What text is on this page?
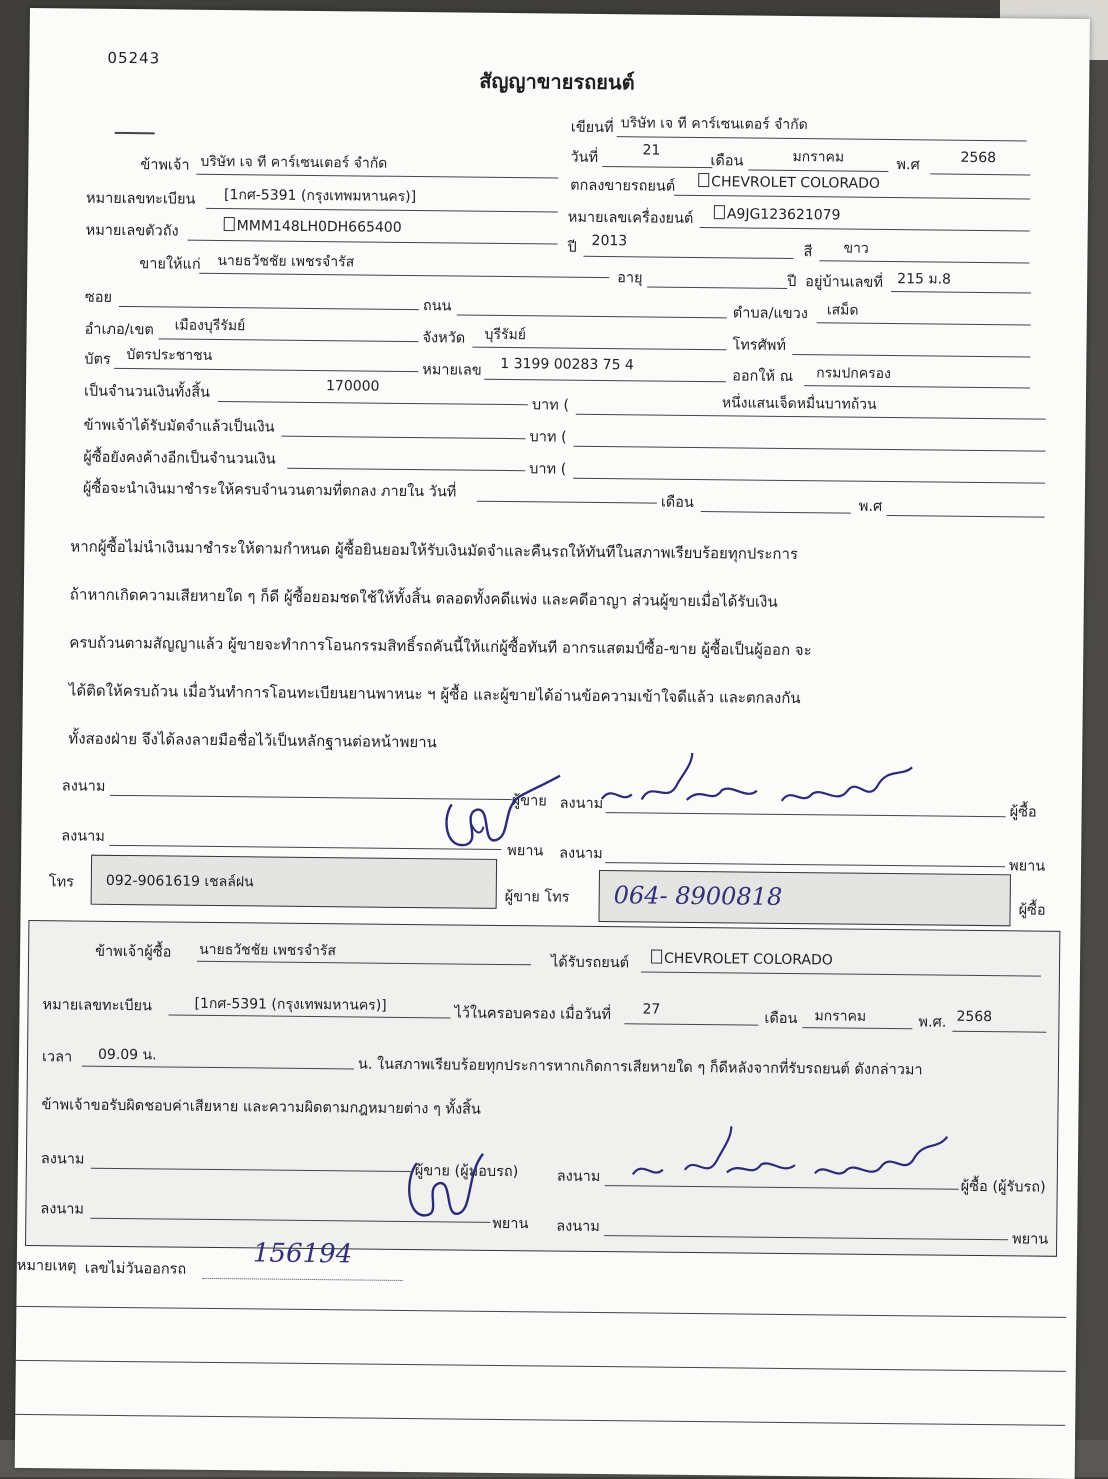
05243
สัญญาขายรถยนต์
เขียนที่ บริษัท เจ ที คาร์เซนเตอร์ จำกัด
วันที่	21
เดือน	มกราคม	พ.ศ	2568
ข้าพเจ้า บริษัท เจ ที คาร์เซนเตอร์ จำกัด
ตกลงขายรถยนต์	CHEVROLET COLORADO
หมายเลขทะเบียน [1กศ-5391 (กรุงเทพมหานคร)]
หมายเลขเครื่องยนต์	A9JG123621079
หมายเลขตัวถัง	MMM148LH0DH665400
ปี 2013
สี ขาว
ขายให้แก่ นายธวัชชัย เพชรจำรัส
อายุ	ปี อยู่บ้านเลขที่ 215 ม.8
ซอย
ถนน	ตำบล/แขวง เสม็ด
อำเภอ/เขต เมืองบุรีรัมย์
จังหวัด บุรีรัมย์
โทรศัพท์
บัตร บัตรประชาชน
หมายเลข 1 3199 00283 75 4
ออกให้ ณ กรมปกครอง
เป็นจำนวนเงินทั้งสิ้น	170000
บาท (	หนึ่งแสนเจ็ดหมื่นบาทถ้วน
ข้าพเจ้าได้รับมัดจำแล้วเป็นเงิน
บาท (
ผู้ซื้อยังคงค้างอีกเป็นจำนวนเงิน
บาท (
ผู้ซื้อจะนำเงินมาชำระให้ครบจำนวนตามที่ตกลง ภายใน วันที่
เดือน	พ.ศ
หากผู้ซื้อไม่นำเงินมาชำระให้ตามกำหนด ผู้ซื้อยินยอมให้รับเงินมัดจำและคืนรถให้ทันทีในสภาพเรียบร้อยทุกประการ
ถ้าหากเกิดความเสียหายใด ๆ ก็ดี ผู้ซื้อยอมชดใช้ให้ทั้งสิ้น ตลอดทั้งคดีแพ่ง และคดีอาญา ส่วนผู้ขายเมื่อได้รับเงิน
ครบถ้วนตามสัญญาแล้ว ผู้ขายจะทำการโอนกรรมสิทธิ์รถคันนี้ให้แก่ผู้ซื้อทันที อากรแสตมป์ซื้อ-ขาย ผู้ซื้อเป็นผู้ออก จะ
ได้ติดให้ครบถ้วน เมื่อวันทำการโอนทะเบียนยานพาหนะ ฯ ผู้ซื้อ และผู้ขายได้อ่านข้อความเข้าใจดีแล้ว และตกลงกัน
ทั้งสองฝ่าย จึงได้ลงลายมือชื่อไว้เป็นหลักฐานต่อหน้าพยาน
ลงนาม
ผู้ขาย ลงนาม
ผู้ซื้อ
ลงนาม
พยาน ลงนาม
พยาน
โทร 092-9061619 เชลล์ฝน
ผู้ขาย โทร 064- 8900818	ผู้ซื้อ
ข้าพเจ้าผู้ซื้อ นายธวัชชัย เพชรจำรัส
ได้รับรถยนต์	CHEVROLET COLORADO
หมายเลขทะเบียน	[1กศ-5391 (กรุงเทพมหานคร)]
ไว้ในครอบครอง เมื่อวันที่ 27
เดือน มกราคม	พ.ศ. 2568
เวลา 09.09 น.
น. ในสภาพเรียบร้อยทุกประการหากเกิดการเสียหายใด ๆ ก็ดีหลังจากที่รับรถยนต์ ดังกล่าวมา
ข้าพเจ้าขอรับผิดชอบค่าเสียหาย และความผิดตามกฎหมายต่าง ๆ ทั้งสิ้น
ลงนาม
ผู้ขาย (ผู้มอบรถ)	ลงนาม
ผู้ซื้อ (ผู้รับรถ)
ลงนาม
พยาน ลงนาม
พยาน
หมายเหตุ เลขไม่วันออกรถ	156194
